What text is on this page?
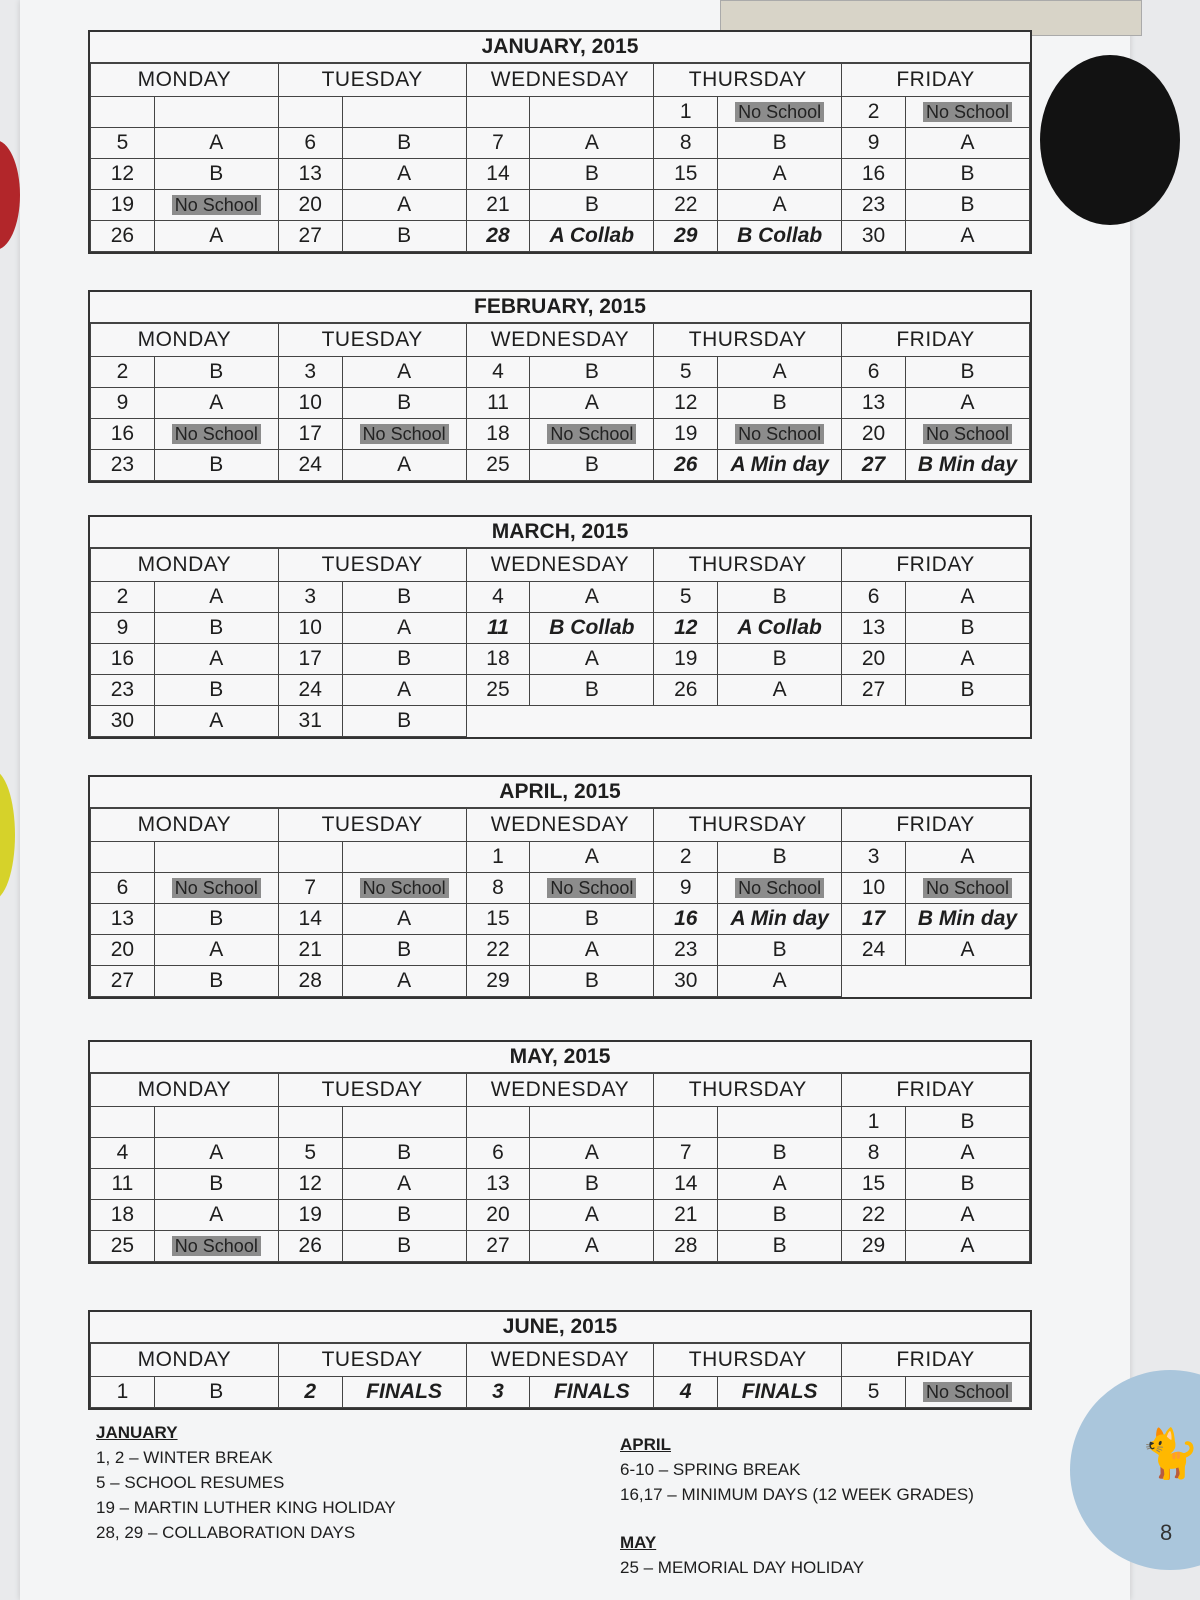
🐈
8
JANUARY, 2015
MONDAY		TUESDAY		WEDNESDAY		THURSDAY		FRIDAY	
						1	No School	2	No School
5	A	6	B	7	A	8	B	9	A
12	B	13	A	14	B	15	A	16	B
19	No School	20	A	21	B	22	A	23	B
26	A	27	B	28	A Collab	29	B Collab	30	A
FEBRUARY, 2015
MONDAY		TUESDAY		WEDNESDAY		THURSDAY		FRIDAY	
2	B	3	A	4	B	5	A	6	B
9	A	10	B	11	A	12	B	13	A
16	No School	17	No School	18	No School	19	No School	20	No School
23	B	24	A	25	B	26	A Min day	27	B Min day
MARCH, 2015
MONDAY		TUESDAY		WEDNESDAY		THURSDAY		FRIDAY	
2	A	3	B	4	A	5	B	6	A
9	B	10	A	11	B Collab	12	A Collab	13	B
16	A	17	B	18	A	19	B	20	A
23	B	24	A	25	B	26	A	27	B
30	A	31	B						
APRIL, 2015
MONDAY		TUESDAY		WEDNESDAY		THURSDAY		FRIDAY	
				1	A	2	B	3	A
6	No School	7	No School	8	No School	9	No School	10	No School
13	B	14	A	15	B	16	A Min day	17	B Min day
20	A	21	B	22	A	23	B	24	A
27	B	28	A	29	B	30	A		
MAY, 2015
MONDAY		TUESDAY		WEDNESDAY		THURSDAY		FRIDAY	
								1	B
4	A	5	B	6	A	7	B	8	A
11	B	12	A	13	B	14	A	15	B
18	A	19	B	20	A	21	B	22	A
25	No School	26	B	27	A	28	B	29	A
JUNE, 2015
MONDAY		TUESDAY		WEDNESDAY		THURSDAY		FRIDAY	
1	B	2	FINALS	3	FINALS	4	FINALS	5	No School
JANUARY
1, 2 – WINTER BREAK
5 – SCHOOL RESUMES
19 – MARTIN LUTHER KING HOLIDAY
28, 29 – COLLABORATION DAYS
APRIL
6-10 – SPRING BREAK
16,17 – MINIMUM DAYS (12 WEEK GRADES)
MAY
25 – MEMORIAL DAY HOLIDAY
